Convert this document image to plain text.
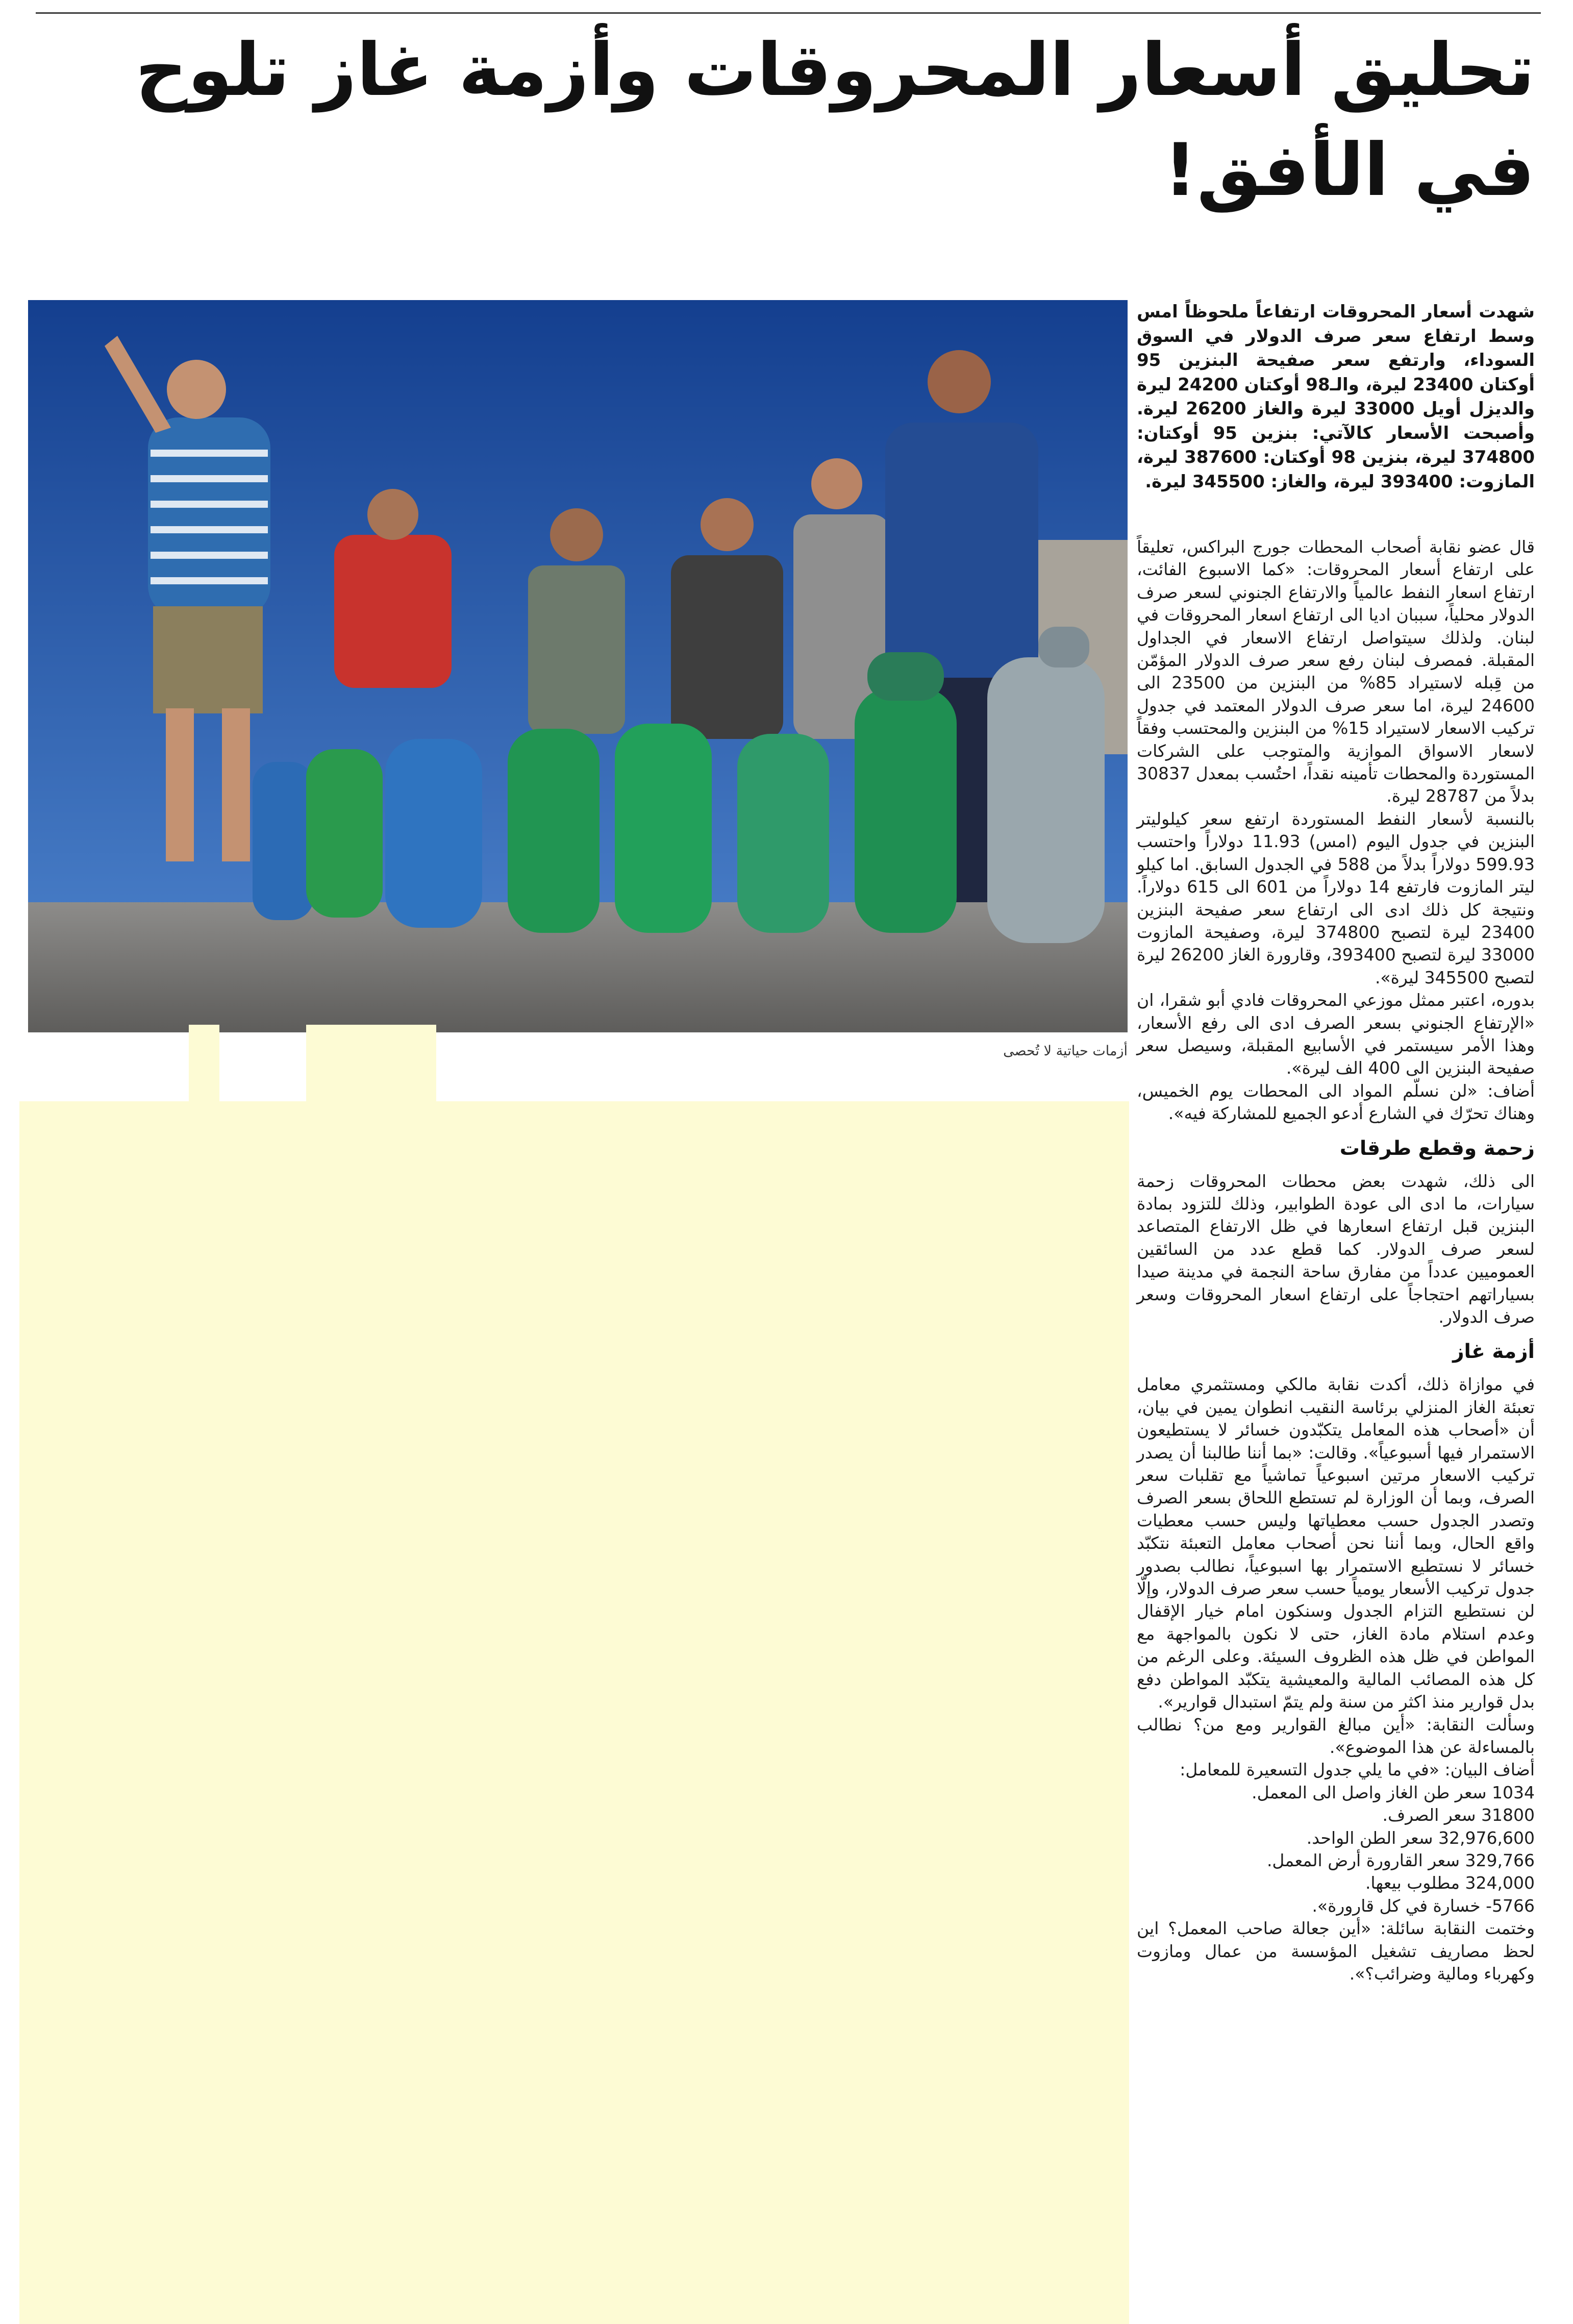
تحليق أسعار المحروقات وأزمة غاز تلوح في الأفق!
أزمات حياتية لا تُحصى
شهدت أسعار المحروقات ارتفاعاً ملحوظاً امس وسط ارتفاع سعر صرف الدولار في السوق السوداء، وارتفع سعر صفيحة البنزين 95 أوكتان 23400 ليرة، والـ98 أوكتان 24200 ليرة والديزل أويل 33000 ليرة والغاز 26200 ليرة. وأصبحت الأسعار كالآتي: بنزين 95 أوكتان: 374800 ليرة، بنزين 98 أوكتان: 387600 ليرة، المازوت: 393400 ليرة، والغاز: 345500 ليرة.

قال عضو نقابة أصحاب المحطات جورج البراكس، تعليقاً على ارتفاع أسعار المحروقات: «كما الاسبوع الفائت، ارتفاع اسعار النفط عالمياً والارتفاع الجنوني لسعر صرف الدولار محلياً، سببان اديا الى ارتفاع اسعار المحروقات في لبنان. ولذلك سيتواصل ارتفاع الاسعار في الجداول المقبلة. فمصرف لبنان رفع سعر صرف الدولار المؤمّن من قِبله لاستيراد 85% من البنزين من 23500 الى 24600 ليرة، اما سعر صرف الدولار المعتمد في جدول تركيب الاسعار لاستيراد 15% من البنزين والمحتسب وفقاً لاسعار الاسواق الموازية والمتوجب على الشركات المستوردة والمحطات تأمينه نقداً، احتُسب بمعدل 30837 بدلاً من 28787 ليرة.

بالنسبة لأسعار النفط المستوردة ارتفع سعر كيلوليتر البنزين في جدول اليوم (امس) 11.93 دولاراً واحتسب 599.93 دولاراً بدلاً من 588 في الجدول السابق. اما كيلو ليتر المازوت فارتفع 14 دولاراً من 601 الى 615 دولاراً. ونتيجة كل ذلك ادى الى ارتفاع سعر صفيحة البنزين 23400 ليرة لتصبح 374800 ليرة، وصفيحة المازوت 33000 ليرة لتصبح 393400، وقارورة الغاز 26200 ليرة لتصبح 345500 ليرة».

بدوره، اعتبر ممثل موزعي المحروقات فادي أبو شقرا، ان «الإرتفاع الجنوني بسعر الصرف ادى الى رفع الأسعار، وهذا الأمر سيستمر في الأسابيع المقبلة، وسيصل سعر صفيحة البنزين الى 400 الف ليرة».

أضاف: «لن نسلّم المواد الى المحطات يوم الخميس، وهناك تحرّك في الشارع أدعو الجميع للمشاركة فيه».

زحمة وقطع طرقات

الى ذلك، شهدت بعض محطات المحروقات زحمة سيارات، ما ادى الى عودة الطوابير، وذلك للتزود بمادة البنزين قبل ارتفاع اسعارها في ظل الارتفاع المتصاعد لسعر صرف الدولار. كما قطع عدد من السائقين العموميين عدداً من مفارق ساحة النجمة في مدينة صيدا بسياراتهم احتجاجاً على ارتفاع اسعار المحروقات وسعر صرف الدولار.

أزمة غاز

في موازاة ذلك، أكدت نقابة مالكي ومستثمري معامل تعبئة الغاز المنزلي برئاسة النقيب انطوان يمين في بيان، أن «أصحاب هذه المعامل يتكبّدون خسائر لا يستطيعون الاستمرار فيها أسبوعياً». وقالت: «بما أننا طالبنا أن يصدر تركيب الاسعار مرتين اسبوعياً تماشياً مع تقلبات سعر الصرف، وبما أن الوزارة لم تستطع اللحاق بسعر الصرف وتصدر الجدول حسب معطياتها وليس حسب معطيات واقع الحال، وبما أننا نحن أصحاب معامل التعبئة نتكبّد خسائر لا نستطيع الاستمرار بها اسبوعياً، نطالب بصدور جدول تركيب الأسعار يومياً حسب سعر صرف الدولار، وإلّا لن نستطيع التزام الجدول وسنكون امام خيار الإقفال وعدم استلام مادة الغاز، حتى لا نكون بالمواجهة مع المواطن في ظل هذه الظروف السيئة. وعلى الرغم من كل هذه المصائب المالية والمعيشية يتكبّد المواطن دفع بدل قوارير منذ اكثر من سنة ولم يتمّ استبدال قوارير».

وسألت النقابة: «أين مبالغ القوارير ومع من؟ نطالب بالمساءلة عن هذا الموضوع».

أضاف البيان: «في ما يلي جدول التسعيرة للمعامل:

1034 سعر طن الغاز واصل الى المعمل.

31800 سعر الصرف.

32,976,600 سعر الطن الواحد.

329,766 سعر القارورة أرض المعمل.

324,000 مطلوب بيعها.

5766- خسارة في كل قارورة».

وختمت النقابة سائلة: «أين جعالة صاحب المعمل؟ اين لحظ مصاريف تشغيل المؤسسة من عمال ومازوت وكهرباء ومالية وضرائب؟».
